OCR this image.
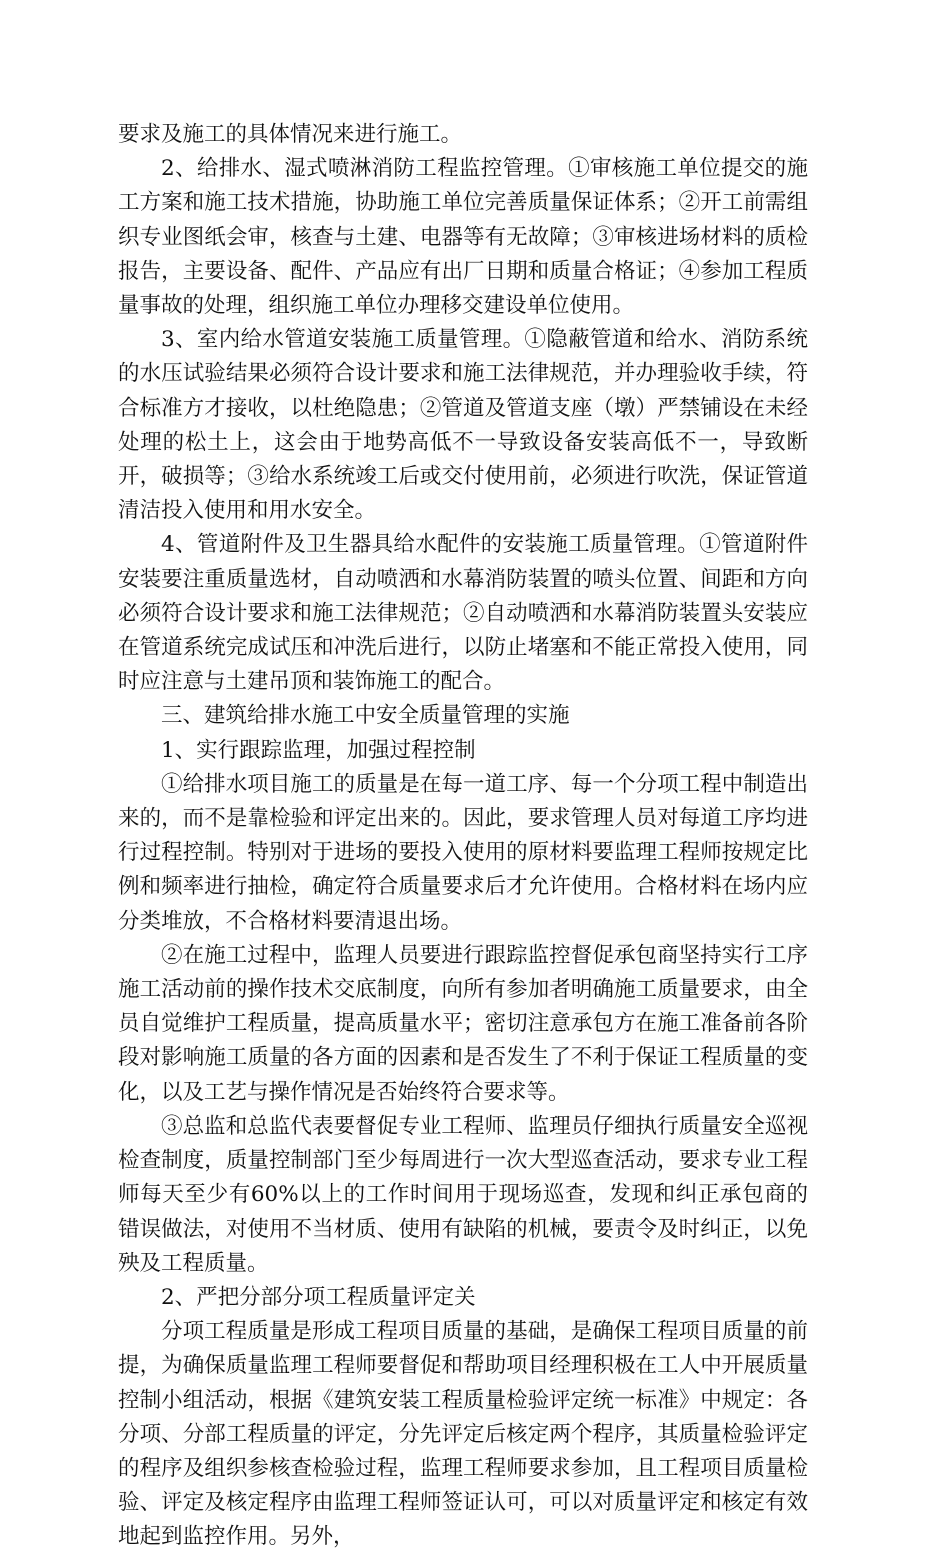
要求及施工的具体情况来进行施工。

2、给排水、湿式喷淋消防工程监控管理。①审核施工单位提交的施工方案和施工技术措施，协助施工单位完善质量保证体系；②开工前需组织专业图纸会审，核查与土建、电器等有无故障；③审核进场材料的质检报告，主要设备、配件、产品应有出厂日期和质量合格证；④参加工程质量事故的处理，组织施工单位办理移交建设单位使用。

3、室内给水管道安装施工质量管理。①隐蔽管道和给水、消防系统的水压试验结果必须符合设计要求和施工法律规范，并办理验收手续，符合标准方才接收，以杜绝隐患；②管道及管道支座（墩）严禁铺设在未经处理的松土上，这会由于地势高低不一导致设备安装高低不一，导致断开，破损等；③给水系统竣工后或交付使用前，必须进行吹洗，保证管道清洁投入使用和用水安全。

4、管道附件及卫生器具给水配件的安装施工质量管理。①管道附件安装要注重质量选材，自动喷洒和水幕消防装置的喷头位置、间距和方向必须符合设计要求和施工法律规范；②自动喷洒和水幕消防装置头安装应在管道系统完成试压和冲洗后进行，以防止堵塞和不能正常投入使用，同时应注意与土建吊顶和装饰施工的配合。

三、建筑给排水施工中安全质量管理的实施

1、实行跟踪监理，加强过程控制

①给排水项目施工的质量是在每一道工序、每一个分项工程中制造出来的，而不是靠检验和评定出来的。因此，要求管理人员对每道工序均进行过程控制。特别对于进场的要投入使用的原材料要监理工程师按规定比例和频率进行抽检，确定符合质量要求后才允许使用。合格材料在场内应分类堆放，不合格材料要清退出场。

②在施工过程中，监理人员要进行跟踪监控督促承包商坚持实行工序施工活动前的操作技术交底制度，向所有参加者明确施工质量要求，由全员自觉维护工程质量，提高质量水平；密切注意承包方在施工准备前各阶段对影响施工质量的各方面的因素和是否发生了不利于保证工程质量的变化，以及工艺与操作情况是否始终符合要求等。

③总监和总监代表要督促专业工程师、监理员仔细执行质量安全巡视检查制度，质量控制部门至少每周进行一次大型巡查活动，要求专业工程师每天至少有60%以上的工作时间用于现场巡查，发现和纠正承包商的错误做法，对使用不当材质、使用有缺陷的机械，要责令及时纠正，以免殃及工程质量。

2、严把分部分项工程质量评定关

分项工程质量是形成工程项目质量的基础，是确保工程项目质量的前提，为确保质量监理工程师要督促和帮助项目经理积极在工人中开展质量控制小组活动，根据《建筑安装工程质量检验评定统一标准》中规定：各分项、分部工程质量的评定，分先评定后核定两个程序，其质量检验评定的程序及组织参核查检验过程，监理工程师要求参加，且工程项目质量检验、评定及核定程序由监理工程师签证认可，可以对质量评定和核定有效地起到监控作用。另外，
